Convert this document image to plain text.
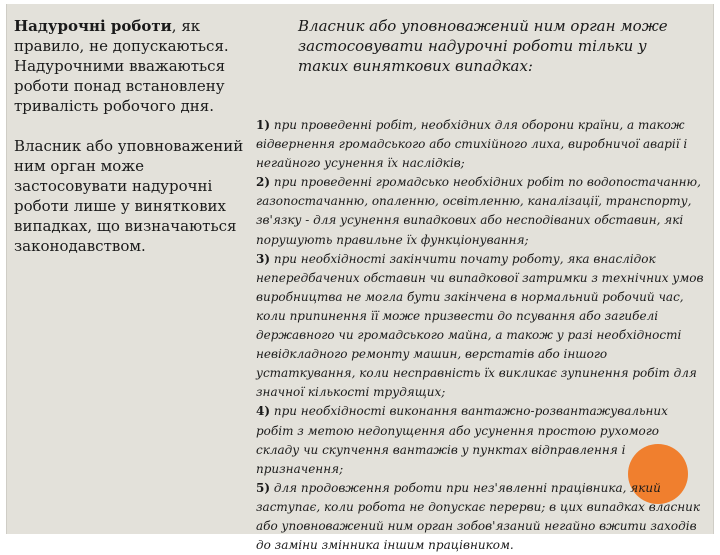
Надурочні роботи, як правило, не допускаються. Надурочними вважаються роботи понад встановлену тривалість робочого дня.

Власник або уповноважений ним орган може застосовувати надурочні роботи лише у виняткових випадках, що визначаються законодавством.

Власник або уповноважений ним орган може застосовувати надурочні роботи тільки у таких виняткових випадках:

1) при проведенні робіт, необхідних для оборони країни, а також відвернення громадського або стихійного лиха, виробничої аварії і негайного усунення їх наслідків;

2) при проведенні громадсько необхідних робіт по водопостачанню, газопостачанню, опаленню, освітленню, каналізації, транспорту, зв'язку - для усунення випадкових або несподіваних обставин, які порушують правильне їх функціонування;

3) при необхідності закінчити почату роботу, яка внаслідок непередбачених обставин чи випадкової затримки з технічних умов виробництва не могла бути закінчена в нормальний робочий час, коли припинення її може призвести до псування або загибелі державного чи громадського майна, а також у разі необхідності невідкладного ремонту машин, верстатів або іншого устаткування, коли несправність їх викликає зупинення робіт для значної кількості трудящих;

4) при необхідності виконання вантажно-розвантажувальних робіт з метою недопущення або усунення простою рухомого складу чи скупчення вантажів у пунктах відправлення і призначення;

5) для продовження роботи при нез'явленні працівника, який заступає, коли робота не допускає перерви; в цих випадках власник або уповноважений ним орган зобов'язаний негайно вжити заходів до заміни змінника іншим працівником.
